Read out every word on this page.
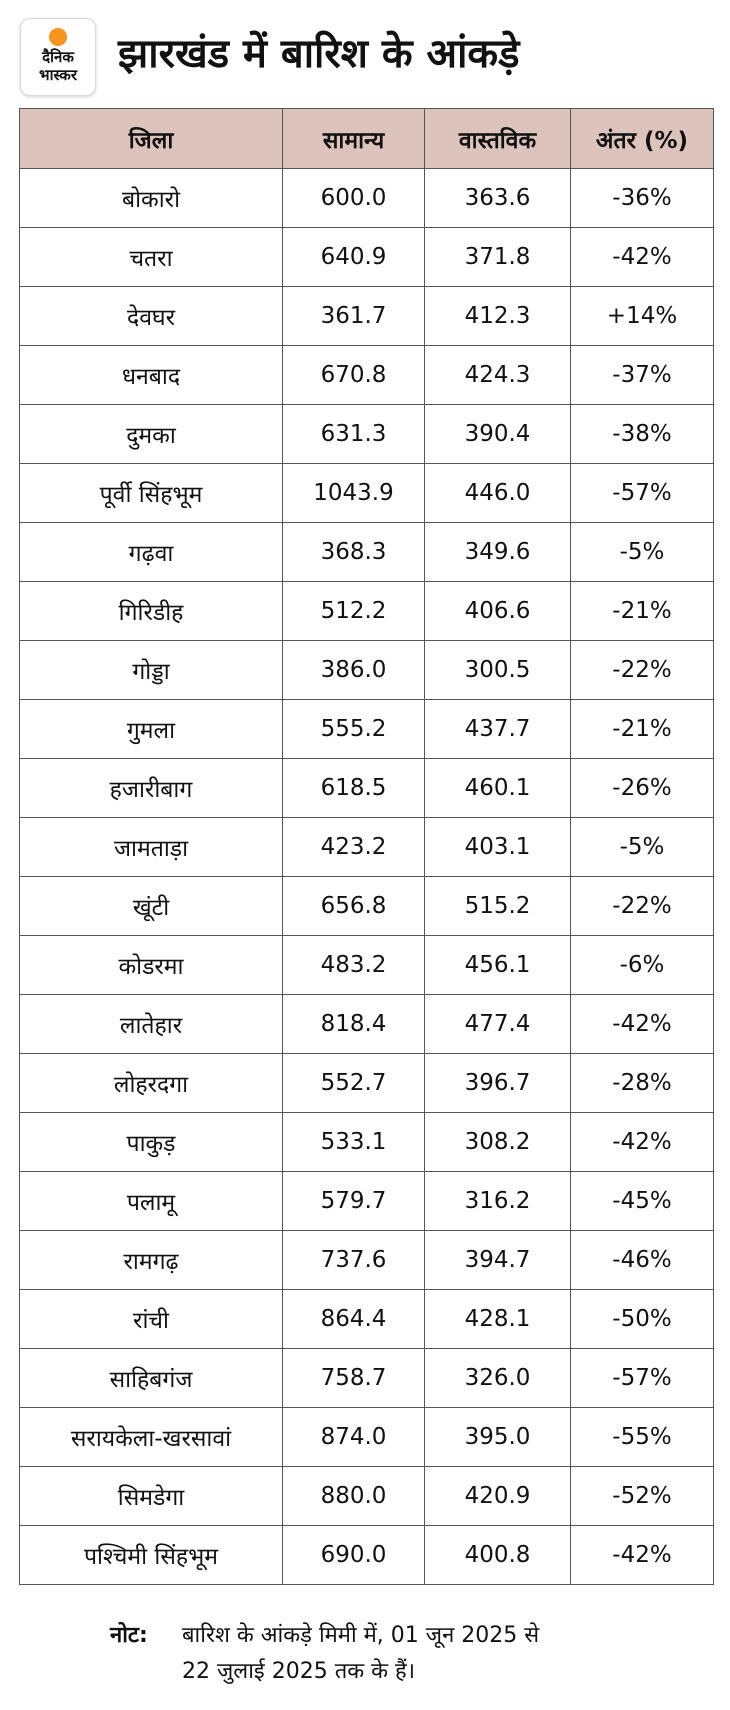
दैनिक
भास्कर	झारखंड में बारिश के आंकड़े
जिला	सामान्य	वास्तविक	अंतर (%)
बोकारो	600.0	363.6	-36%
चतरा	640.9	371.8	-42%
देवघर	361.7	412.3	+14%
धनबाद	670.8	424.3	-37%
दुमका	631.3	390.4	-38%
पूर्वी सिंहभूम	1043.9	446.0	-57%
गढ़वा	368.3	349.6	-5%
गिरिडीह	512.2	406.6	-21%
गोड्डा	386.0	300.5	-22%
गुमला	555.2	437.7	-21%
हजारीबाग	618.5	460.1	-26%
जामताड़ा	423.2	403.1	-5%
खूंटी	656.8	515.2	-22%
कोडरमा	483.2	456.1	-6%
लातेहार	818.4	477.4	-42%
लोहरदगा	552.7	396.7	-28%
पाकुड़	533.1	308.2	-42%
पलामू	579.7	316.2	-45%
रामगढ़	737.6	394.7	-46%
रांची	864.4	428.1	-50%
साहिबगंज	758.7	326.0	-57%
सरायकेला-खरसावां	874.0	395.0	-55%
सिमडेगा	880.0	420.9	-52%
पश्चिमी सिंहभूम	690.0	400.8	-42%
नोट: बारिश के आंकड़े मिमी में, 01 जून 2025 से
22 जुलाई 2025 तक के हैं।
